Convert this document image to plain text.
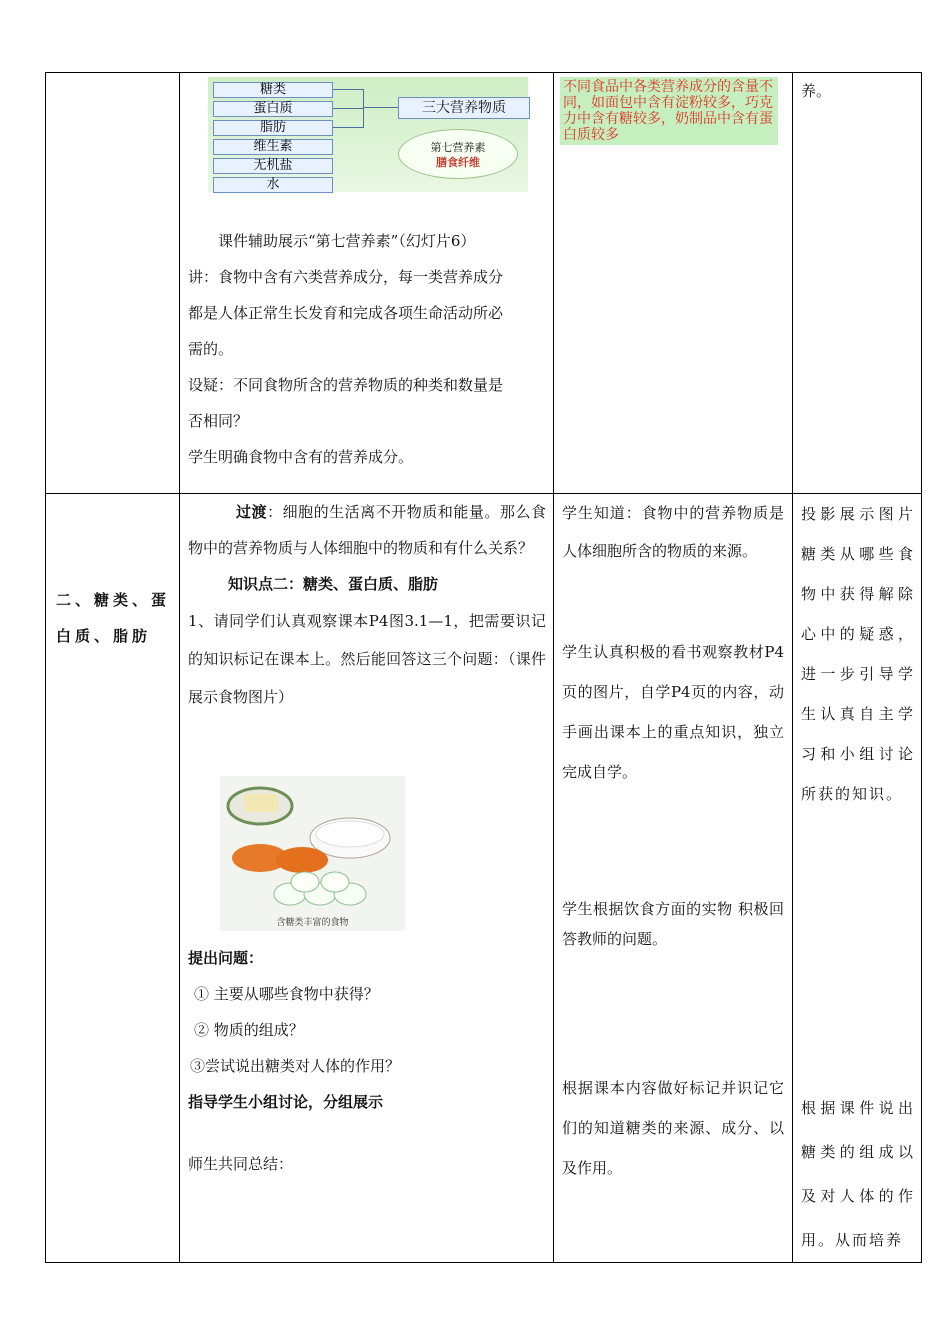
糖类
蛋白质
脂肪
维生素
无机盐
水
三大营养物质
第七营养素
膳食纤维

课件辅助展示“第七营养素”（幻灯片6）

讲：食物中含有六类营养成分，每一类营养成分

都是人体正常生长发育和完成各项生命活动所必

需的。

设疑：不同食物所含的营养物质的种类和数量是

否相同？

学生明确食物中含有的营养成分。

不同食品中各类营养成分的含量不同，如面包中含有淀粉较多，巧克力中含有糖较多，奶制品中含有蛋白质较多

养。

二、糖类、蛋白质、脂肪

过渡：细胞的生活离不开物质和能量。那么食物中的营养物质与人体细胞中的物质和有什么关系？

知识点二：糖类、蛋白质、脂肪

1、请同学们认真观察课本P4图3.1—1，把需要识记的知识标记在课本上。然后能回答这三个问题：（课件展示食物图片）

含糖类丰富的食物

提出问题：

① 主要从哪些食物中获得？

② 物质的组成？

③尝试说出糖类对人体的作用？

指导学生小组讨论，分组展示

师生共同总结：

学生知道：食物中的营养物质是人体细胞所含的物质的来源。

学生认真积极的看书观察教材P4页的图片，自学P4页的内容，动手画出课本上的重点知识，独立完成自学。

学生根据饮食方面的实物 积极回答教师的问题。

根据课本内容做好标记并识记它们的知道糖类的来源、成分、以及作用。

投影展示图片糖类从哪些食物中获得解除心中的疑惑，进一步引导学生认真自主学习和小组讨论所获的知识。

根据课件说出糖类的组成以及对人体的作用。从而培养
